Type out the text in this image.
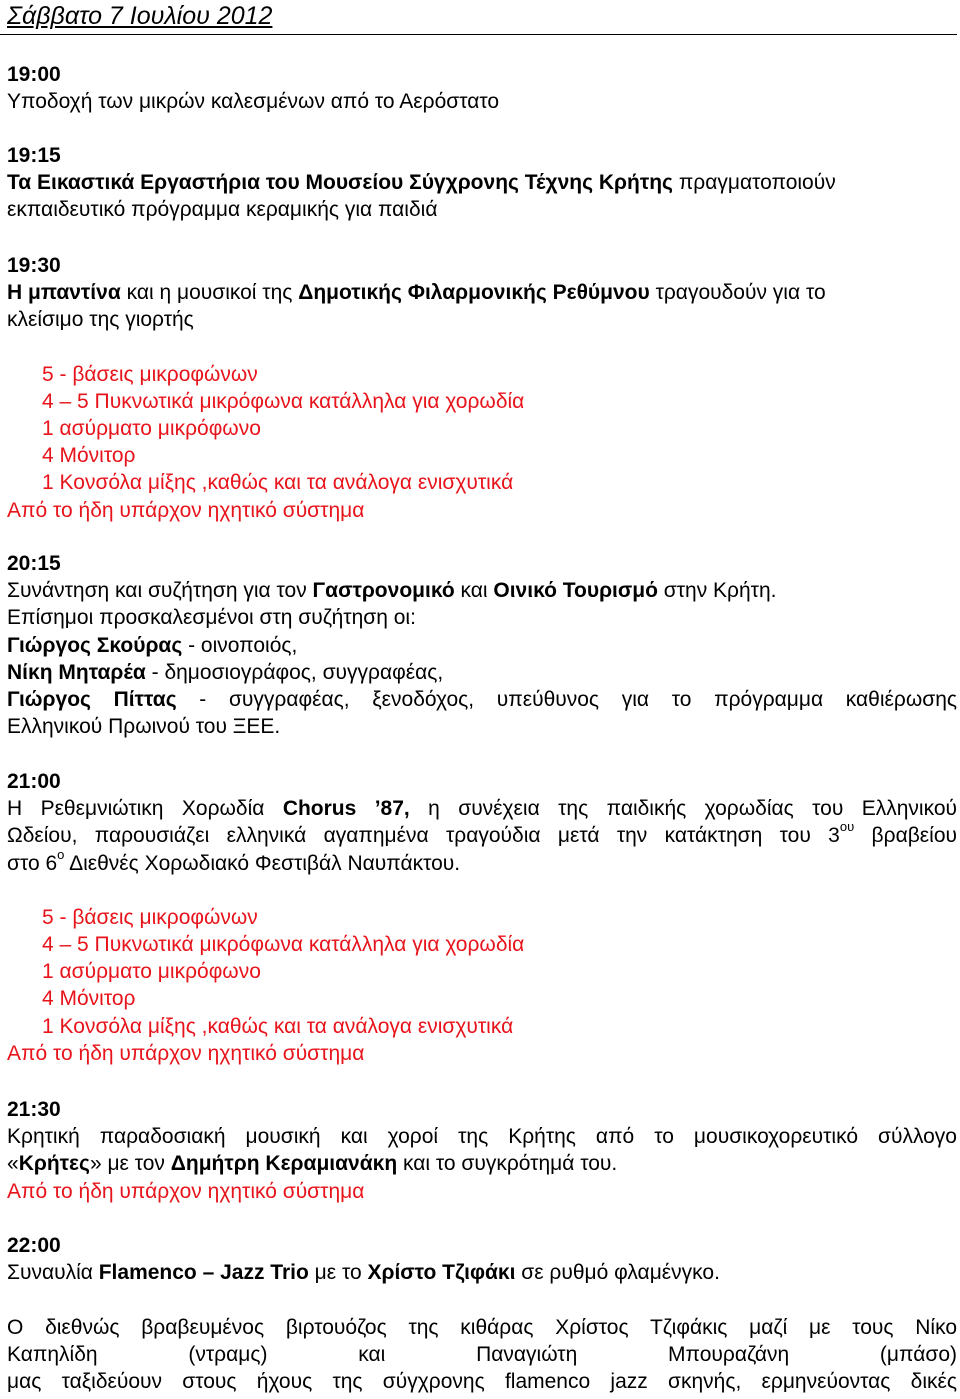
Σάββατο 7 Ιουλίου 2012
19:00
Υποδοχή των μικρών καλεσμένων από το Αερόστατο
19:15
Τα Εικαστικά Εργαστήρια του Μουσείου Σύγχρονης Τέχνης Κρήτης πραγματοποιούν
εκπαιδευτικό πρόγραμμα κεραμικής για παιδιά
19:30
Η μπαντίνα και η μουσικοί της Δημοτικής Φιλαρμονικής Ρεθύμνου τραγουδούν για το
κλείσιμο της γιορτής
5 - βάσεις μικροφώνων
4 – 5 Πυκνωτικά μικρόφωνα κατάλληλα για χορωδία
1 ασύρματο μικρόφωνο
4 Μόνιτορ
1 Κονσόλα μίξης ,καθώς και τα ανάλογα ενισχυτικά
Από το ήδη υπάρχον ηχητικό σύστημα
20:15
Συνάντηση και συζήτηση για τον Γαστρονομικό και Οινικό Τουρισμό στην Κρήτη.
Επίσημοι προσκαλεσμένοι στη συζήτηση οι:
Γιώργος Σκούρας - οινοποιός,
Νίκη Μηταρέα - δημοσιογράφος, συγγραφέας,
Γιώργος Πίττας - συγγραφέας, ξενοδόχος, υπεύθυνος για το πρόγραμμα καθιέρωσης
Ελληνικού Πρωινού του ΞΕΕ.
21:00
Η Ρεθεμνιώτικη Χορωδία Chorus ’87, η συνέχεια της παιδικής χορωδίας του Ελληνικού
Ωδείου, παρουσιάζει ελληνικά αγαπημένα τραγούδια μετά την κατάκτηση του $3^{o\upsilon}$ βραβείου
στο $6^o$ Διεθνές Χορωδιακό Φεστιβάλ Ναυπάκτου.
5 - βάσεις μικροφώνων
4 – 5 Πυκνωτικά μικρόφωνα κατάλληλα για χορωδία
1 ασύρματο μικρόφωνο
4 Μόνιτορ
1 Κονσόλα μίξης ,καθώς και τα ανάλογα ενισχυτικά
Από το ήδη υπάρχον ηχητικό σύστημα
21:30
Κρητική παραδοσιακή μουσική και χοροί της Κρήτης από το μουσικοχορευτικό σύλλογο
«Κρήτες» με τον Δημήτρη Κεραμιανάκη και το συγκρότημά του.
Από το ήδη υπάρχον ηχητικό σύστημα
22:00
Συναυλία Flamenco – Jazz Trio με το Χρίστο Τζιφάκι σε ρυθμό φλαμένγκο.
Ο διεθνώς βραβευμένος βιρτουόζος της κιθάρας Χρίστος Τζιφάκις μαζί με τους Νίκο
Καπηλίδη (ντραμς) και Παναγιώτη Μπουραζάνη (μπάσο)
μας ταξιδεύουν στους ήχους της σύγχρονης flamenco jazz σκηνής, ερμηνεύοντας δικές
